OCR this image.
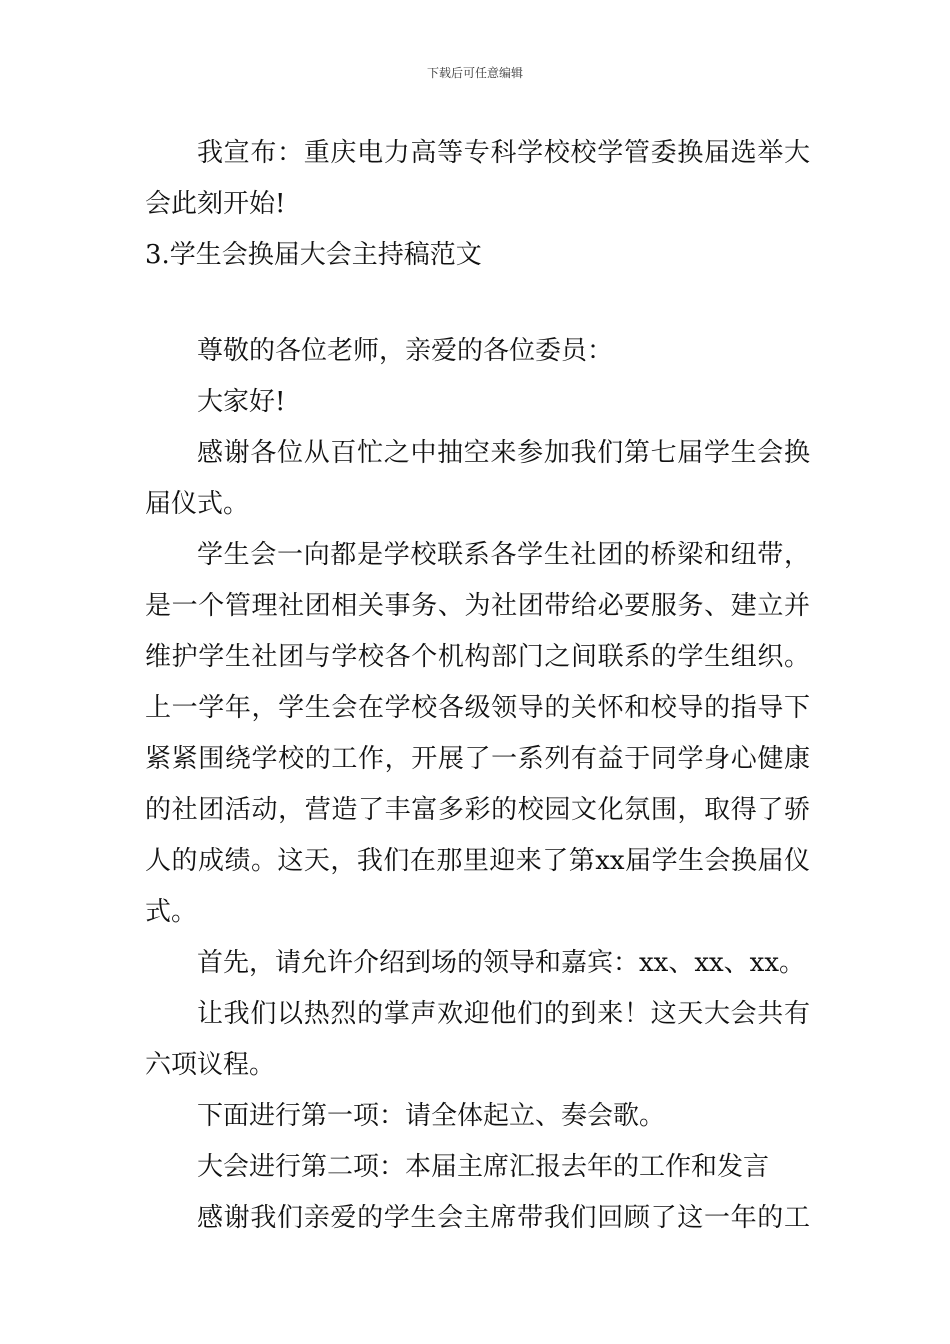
下载后可任意编辑
我宣布：重庆电力高等专科学校校学管委换届选举大
会此刻开始!
3.学生会换届大会主持稿范文
尊敬的各位老师，亲爱的各位委员：
大家好!
感谢各位从百忙之中抽空来参加我们第七届学生会换
届仪式。
学生会一向都是学校联系各学生社团的桥梁和纽带，
是一个管理社团相关事务、为社团带给必要服务、建立并
维护学生社团与学校各个机构部门之间联系的学生组织。
上一学年，学生会在学校各级领导的关怀和校导的指导下
紧紧围绕学校的工作，开展了一系列有益于同学身心健康
的社团活动，营造了丰富多彩的校园文化氛围，取得了骄
人的成绩。这天，我们在那里迎来了第xx届学生会换届仪
式。
首先，请允许介绍到场的领导和嘉宾：xx、xx、xx。
让我们以热烈的掌声欢迎他们的到来！这天大会共有
六项议程。
下面进行第一项：请全体起立、奏会歌。
大会进行第二项：本届主席汇报去年的工作和发言
感谢我们亲爱的学生会主席带我们回顾了这一年的工
